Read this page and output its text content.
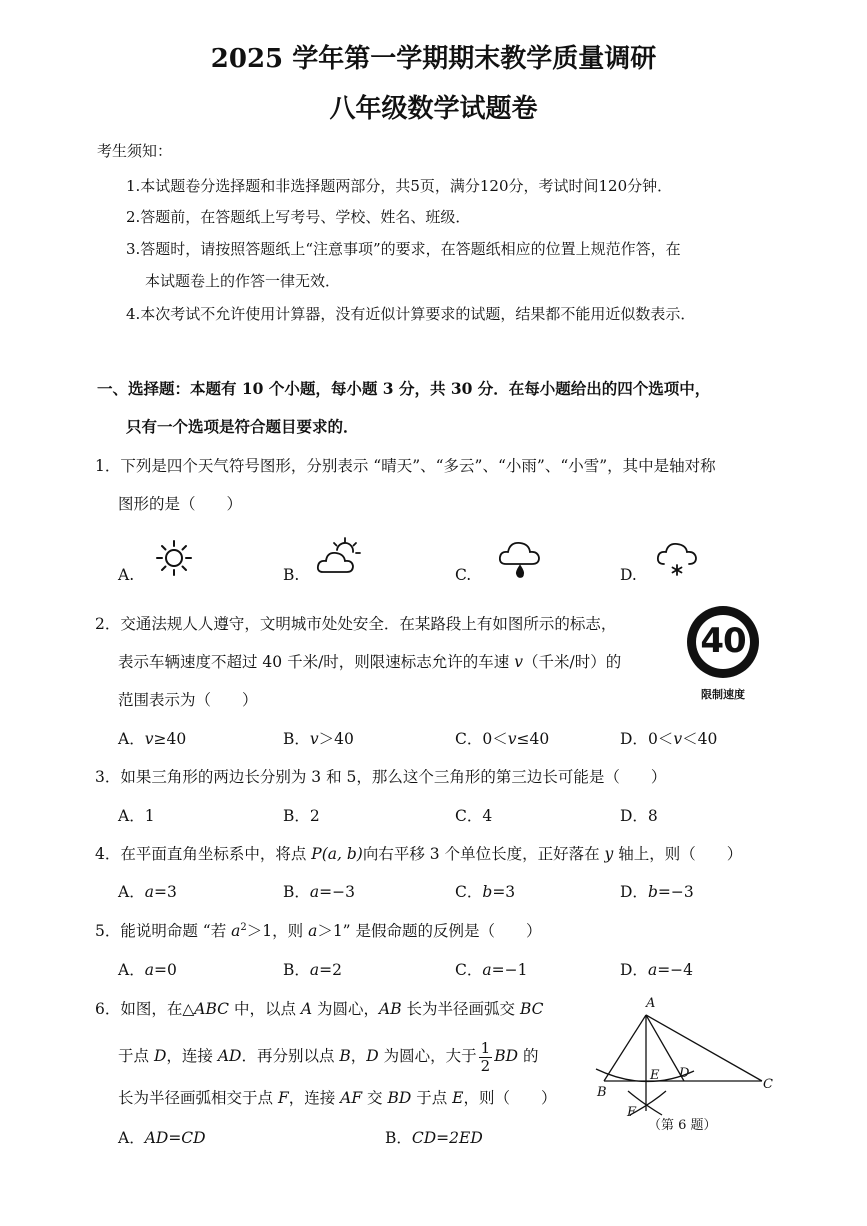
2025 学年第一学期期末教学质量调研
八年级数学试题卷
考生须知：
1.本试题卷分选择题和非选择题两部分，共5页，满分120分，考试时间120分钟．
2.答题前，在答题纸上写考号、学校、姓名、班级．
3.答题时，请按照答题纸上“注意事项”的要求，在答题纸相应的位置上规范作答，在
本试题卷上的作答一律无效．
4.本次考试不允许使用计算器，没有近似计算要求的试题，结果都不能用近似数表示．
一、选择题：本题有 10 个小题，每小题 3 分，共 30 分．在每小题给出的四个选项中，
只有一个选项是符合题目要求的．
1．下列是四个天气符号图形，分别表示 “晴天”、“多云”、“小雨”、“小雪”，其中是轴对称
图形的是（　　）
A.	B.	C.	D.
2．交通法规人人遵守，文明城市处处安全．在某路段上有如图所示的标志，
表示车辆速度不超过 40 千米/时，则限速标志允许的车速 v（千米/时）的
范围表示为（　　）
40
限制速度
A．v≥40	B．v＞40	C．0＜v≤40	D．0＜v＜40
3．如果三角形的两边长分别为 3 和 5，那么这个三角形的第三边长可能是（　　）
A．1	B．2	C．4	D．8
4．在平面直角坐标系中，将点 P(a, b)向右平移 3 个单位长度，正好落在 y 轴上，则（　　）
A．a=3	B．a=−3	C．b=3	D．b=−3
5．能说明命题 “若 $a^2>1$，则 a＞1” 是假命题的反例是（　　）
A．a=0	B．a=2	C．a=−1	D．a=−4
6．如图，在△ABC 中，以点 A 为圆心，AB 长为半径画弧交 BC
于点 D，连接 AD．再分别以点 B，D 为圆心，大于 $\frac{1}{2}$ BD 的
长为半径画弧相交于点 F，连接 AF 交 BD 于点 E，则（　　）
A．AD=CD	B．CD=2ED
A
B
C
D
E
F
（第 6 题）
